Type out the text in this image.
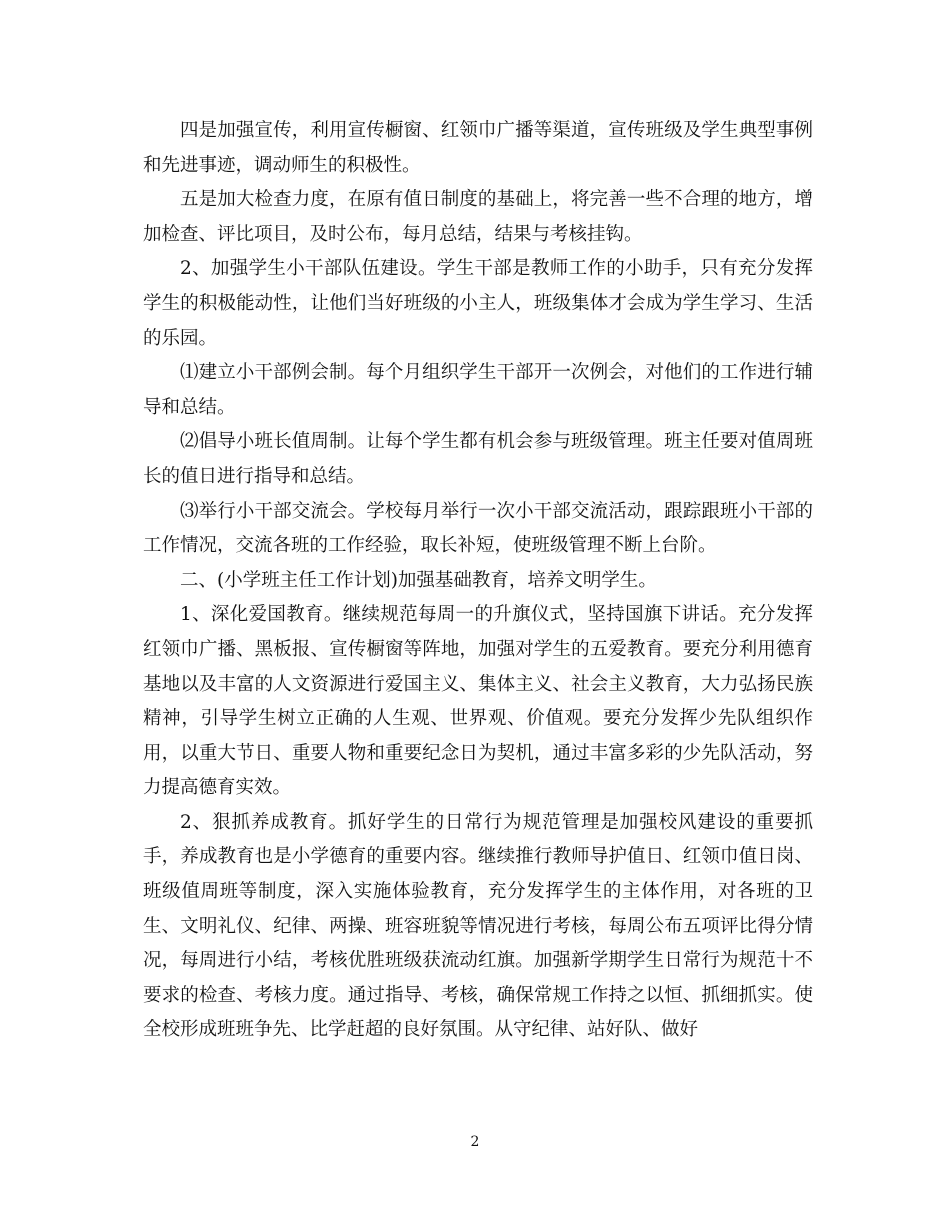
四是加强宣传，利用宣传橱窗、红领巾广播等渠道，宣传班级及学生典型事例和先进事迹，调动师生的积极性。

五是加大检查力度，在原有值日制度的基础上，将完善一些不合理的地方，增加检查、评比项目，及时公布，每月总结，结果与考核挂钩。

2、加强学生小干部队伍建设。学生干部是教师工作的小助手，只有充分发挥学生的积极能动性，让他们当好班级的小主人，班级集体才会成为学生学习、生活的乐园。

⑴建立小干部例会制。每个月组织学生干部开一次例会，对他们的工作进行辅导和总结。

⑵倡导小班长值周制。让每个学生都有机会参与班级管理。班主任要对值周班长的值日进行指导和总结。

⑶举行小干部交流会。学校每月举行一次小干部交流活动，跟踪跟班小干部的工作情况，交流各班的工作经验，取长补短，使班级管理不断上台阶。

二、(小学班主任工作计划)加强基础教育，培养文明学生。

1、深化爱国教育。继续规范每周一的升旗仪式，坚持国旗下讲话。充分发挥红领巾广播、黑板报、宣传橱窗等阵地，加强对学生的五爱教育。要充分利用德育基地以及丰富的人文资源进行爱国主义、集体主义、社会主义教育，大力弘扬民族精神，引导学生树立正确的人生观、世界观、价值观。要充分发挥少先队组织作用，以重大节日、重要人物和重要纪念日为契机，通过丰富多彩的少先队活动，努力提高德育实效。

2、狠抓养成教育。抓好学生的日常行为规范管理是加强校风建设的重要抓手，养成教育也是小学德育的重要内容。继续推行教师导护值日、红领巾值日岗、班级值周班等制度，深入实施体验教育，充分发挥学生的主体作用，对各班的卫生、文明礼仪、纪律、两操、班容班貌等情况进行考核，每周公布五项评比得分情况，每周进行小结，考核优胜班级获流动红旗。加强新学期学生日常行为规范十不要求的检查、考核力度。通过指导、考核，确保常规工作持之以恒、抓细抓实。使全校形成班班争先、比学赶超的良好氛围。从守纪律、站好队、做好

2
